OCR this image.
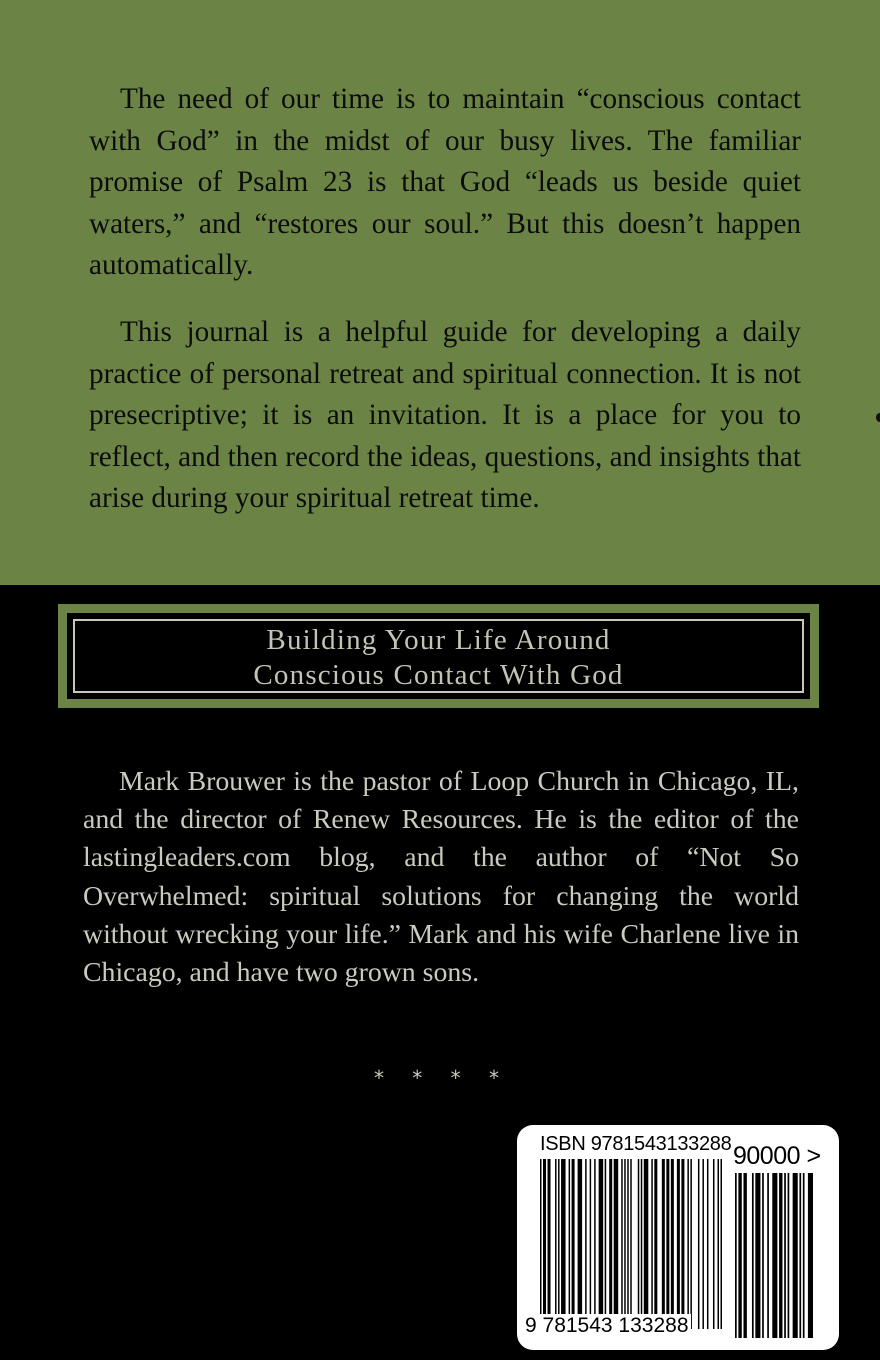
The need of our time is to maintain “conscious contact with God” in the midst of our busy lives. The familiar promise of Psalm 23 is that God “leads us beside quiet waters,” and “restores our soul.” But this doesn’t happen automatically.

This journal is a helpful guide for developing a daily practice of personal retreat and spiritual connection. It is not presecriptive; it is an invitation. It is a place for you to reflect, and then record the ideas, questions, and insights that arise during your spiritual retreat time.

Building Your Life Around
Conscious Contact With God

Mark Brouwer is the pastor of Loop Church in Chicago, IL, and the director of Renew Resources. He is the editor of the lastingleaders.com blog, and the author of “Not So Overwhelmed: spiritual solutions for changing the world without wrecking your life.” Mark and his wife Charlene live in Chicago, and have two grown sons.

* * * *
ISBN 9781543133288
9 781543 133288
90000 >
